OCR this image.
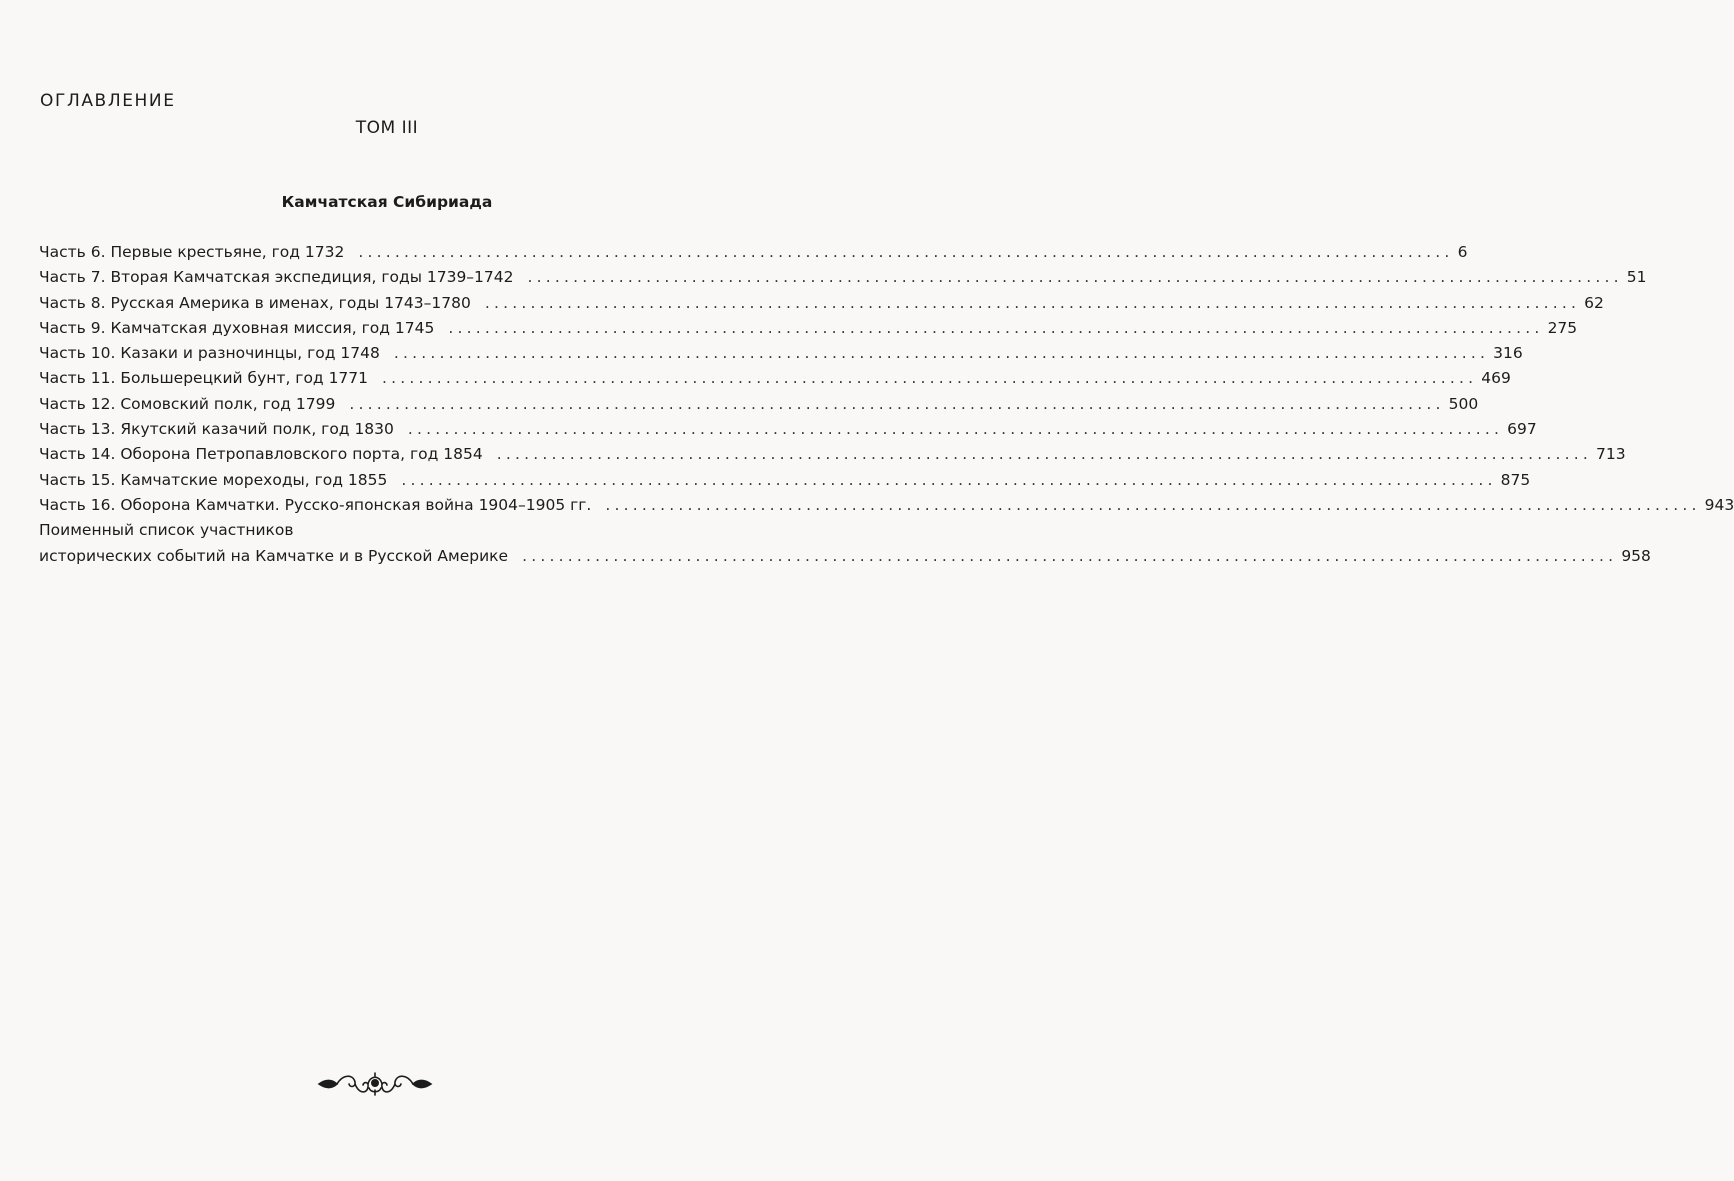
ОГЛАВЛЕНИЕ
ТОМ III
Камчатская Сибириада
Часть 6. Первые крестьяне, год 1732 ........................................................................................................................ 6
Часть 7. Вторая Камчатская экспедиция, годы 1739–1742 ........................................................................................................................ 51
Часть 8. Русская Америка в именах, годы 1743–1780 ........................................................................................................................ 62
Часть 9. Камчатская духовная миссия, год 1745 ........................................................................................................................ 275
Часть 10. Казаки и разночинцы, год 1748 ........................................................................................................................ 316
Часть 11. Большерецкий бунт, год 1771 ........................................................................................................................ 469
Часть 12. Сомовский полк, год 1799 ........................................................................................................................ 500
Часть 13. Якутский казачий полк, год 1830 ........................................................................................................................ 697
Часть 14. Оборона Петропавловского порта, год 1854 ........................................................................................................................ 713
Часть 15. Камчатские мореходы, год 1855 ........................................................................................................................ 875
Часть 16. Оборона Камчатки. Русско-японская война 1904–1905 гг. ........................................................................................................................ 943
Поименный список участников
исторических событий на Камчатке и в Русской Америке ........................................................................................................................ 958
